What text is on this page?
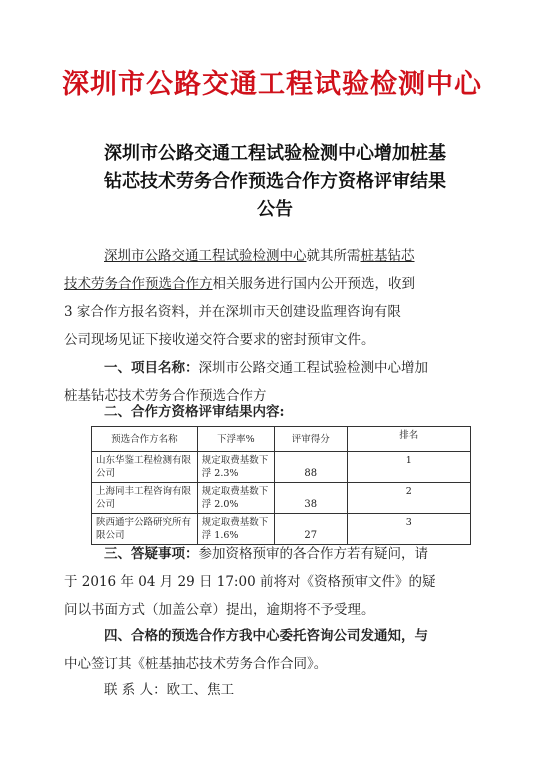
深圳市公路交通工程试验检测中心
深圳市公路交通工程试验检测中心增加桩基
钻芯技术劳务合作预选合作方资格评审结果
公告
深圳市公路交通工程试验检测中心就其所需桩基钻芯
技术劳务合作预选合作方相关服务进行国内公开预选，收到
3 家合作方报名资料，并在深圳市天创建设监理咨询有限
公司现场见证下接收递交符合要求的密封预审文件。
一、项目名称：深圳市公路交通工程试验检测中心增加
桩基钻芯技术劳务合作预选合作方
二、合作方资格评审结果内容:
预选合作方名称	下浮率%	评审得分	排名
山东华鉴工程检测有限公司	规定取费基数下浮 2.3%	88	1
上海同丰工程咨询有限公司	规定取费基数下浮 2.0%	38	2
陕西通宇公路研究所有限公司	规定取费基数下浮 1.6%	27	3
三、答疑事项：参加资格预审的各合作方若有疑问，请
于 2016 年 04 月 29 日 17:00 前将对《资格预审文件》的疑
问以书面方式（加盖公章）提出，逾期将不予受理。
四、合格的预选合作方我中心委托咨询公司发通知，与
中心签订其《桩基抽芯技术劳务合作合同》。
联 系 人：欧工、焦工
